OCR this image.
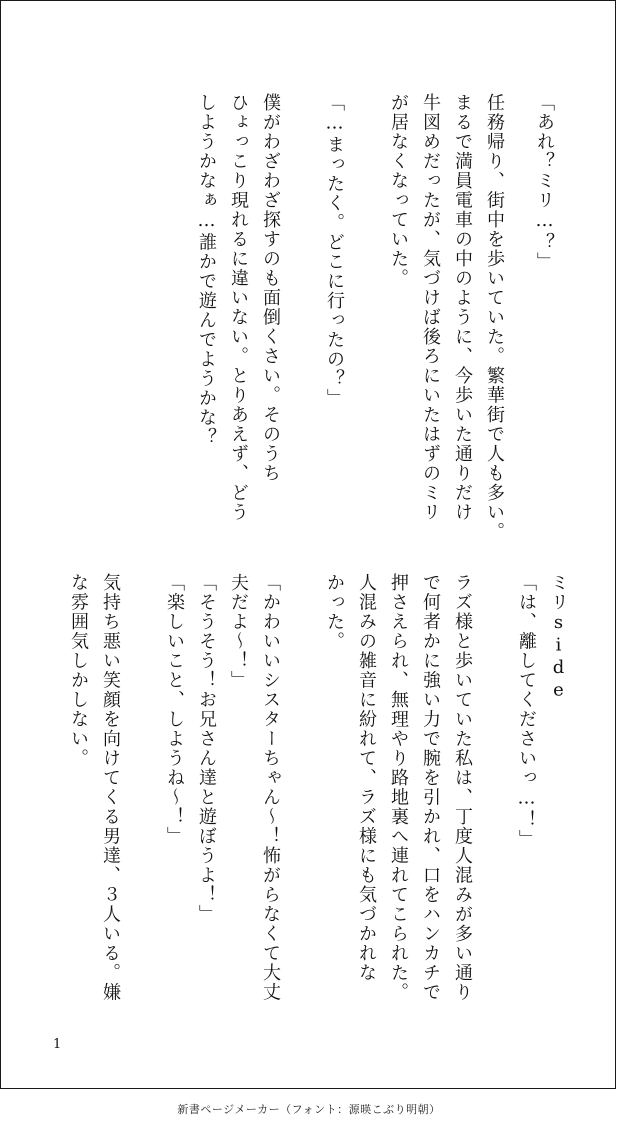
「あれ？ミリ…？」
任務帰り、街中を歩いていた。繁華街で人も多い。
まるで満員電車の中のように、今歩いた通りだけ
牛図めだったが、気づけば後ろにいたはずのミリ
が居なくなっていた。
「…まったく。どこに行ったの？」
僕がわざわざ探すのも面倒くさい。そのうち
ひょっこり現れるに違いない。とりあえず、どう
しようかなぁ…誰かで遊んでようかな？
ミリside
「は、離してくださいっ…！」
ラズ様と歩いていた私は、丁度人混みが多い通り
で何者かに強い力で腕を引かれ、口をハンカチで
押さえられ、無理やり路地裏へ連れてこられた。
人混みの雑音に紛れて、ラズ様にも気づかれな
かった。
「かわいいシスターちゃん〜！怖がらなくて大丈
夫だよ〜！」
「そうそう！お兄さん達と遊ぼうよ！」
「楽しいこと、しようね〜！」
気持ち悪い笑顔を向けてくる男達、３人いる。嫌
な雰囲気しかしない。
1
新書ページメーカー（フォント：源暎こぶり明朝）
